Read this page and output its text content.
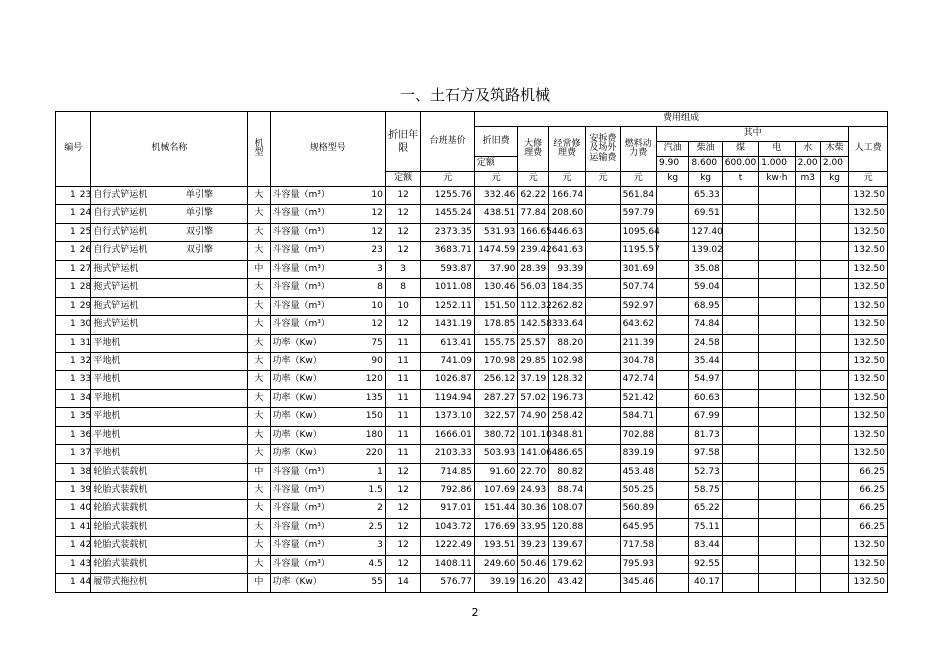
一、土石方及筑路机械
编号		机械名称		机型	规格型号		折旧年限	台班基价	费用组成											
									折旧费	大修理费	经常修理费	安拆费及场外运输费	燃料动力费	其中						人工费
														汽油	柴油	煤	电	水	木柴	
									定额					9.90	8.600	600.00	1.000	2.00	2.00	
							定额	元	元	元	元	元	元	kg	kg	t	kw·h	m3	kg	元
1	23	自行式铲运机	单引擎	大	斗容量（m³）	10	12	1255.76	332.46	62.22	166.74		561.84		65.33					132.50
1	24	自行式铲运机	单引擎	大	斗容量（m³）	12	12	1455.24	438.51	77.84	208.60		597.79		69.51					132.50
1	25	自行式铲运机	双引擎	大	斗容量（m³）	12	12	2373.35	531.93	166.65	446.63		1095.64		127.40					132.50
1	26	自行式铲运机	双引擎	大	斗容量（m³）	23	12	3683.71	1474.59	239.42	641.63		1195.57		139.02					132.50
1	27	拖式铲运机		中	斗容量（m³）	3	3	593.87	37.90	28.39	93.39		301.69		35.08					132.50
1	28	拖式铲运机		大	斗容量（m³）	8	8	1011.08	130.46	56.03	184.35		507.74		59.04					132.50
1	29	拖式铲运机		大	斗容量（m³）	10	10	1252.11	151.50	112.32	262.82		592.97		68.95					132.50
1	30	拖式铲运机		大	斗容量（m³）	12	12	1431.19	178.85	142.58	333.64		643.62		74.84					132.50
1	31	平地机		大	功率（Kw）	75	11	613.41	155.75	25.57	88.20		211.39		24.58					132.50
1	32	平地机		大	功率（Kw）	90	11	741.09	170.98	29.85	102.98		304.78		35.44					132.50
1	33	平地机		大	功率（Kw）	120	11	1026.87	256.12	37.19	128.32		472.74		54.97					132.50
1	34	平地机		大	功率（Kw）	135	11	1194.94	287.27	57.02	196.73		521.42		60.63					132.50
1	35	平地机		大	功率（Kw）	150	11	1373.10	322.57	74.90	258.42		584.71		67.99					132.50
1	36	平地机		大	功率（Kw）	180	11	1666.01	380.72	101.10	348.81		702.88		81.73					132.50
1	37	平地机		大	功率（Kw）	220	11	2103.33	503.93	141.06	486.65		839.19		97.58					132.50
1	38	轮胎式装载机		中	斗容量（m³）	1	12	714.85	91.60	22.70	80.82		453.48		52.73					66.25
1	39	轮胎式装载机		大	斗容量（m³）	1.5	12	792.86	107.69	24.93	88.74		505.25		58.75					66.25
1	40	轮胎式装载机		大	斗容量（m³）	2	12	917.01	151.44	30.36	108.07		560.89		65.22					66.25
1	41	轮胎式装载机		大	斗容量（m³）	2.5	12	1043.72	176.69	33.95	120.88		645.95		75.11					66.25
1	42	轮胎式装载机		大	斗容量（m³）	3	12	1222.49	193.51	39.23	139.67		717.58		83.44					132.50
1	43	轮胎式装载机		大	斗容量（m³）	4.5	12	1408.11	249.60	50.46	179.62		795.93		92.55					132.50
1	44	履带式拖拉机		中	功率（Kw）	55	14	576.77	39.19	16.20	43.42		345.46		40.17					132.50
2
